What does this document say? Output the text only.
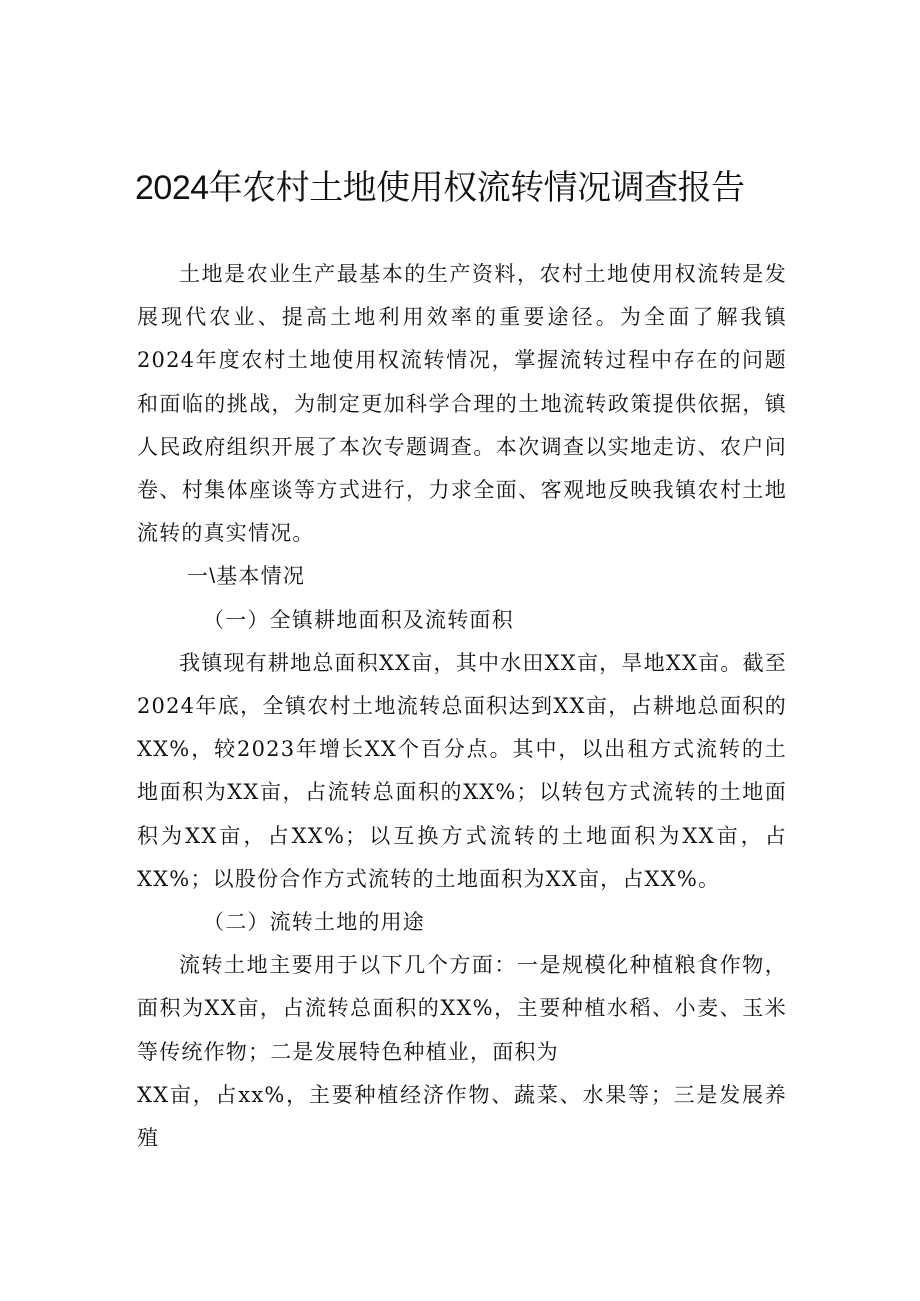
2024年农村土地使用权流转情况调查报告

土地是农业生产最基本的生产资料，农村土地使用权流转是发展现代农业、提高土地利用效率的重要途径。为全面了解我镇2024年度农村土地使用权流转情况，掌握流转过程中存在的问题和面临的挑战，为制定更加科学合理的土地流转政策提供依据，镇人民政府组织开展了本次专题调查。本次调查以实地走访、农户问卷、村集体座谈等方式进行，力求全面、客观地反映我镇农村土地流转的真实情况。

一\基本情况

（一）全镇耕地面积及流转面积

我镇现有耕地总面积XX亩，其中水田XX亩，旱地XX亩。截至2024年底，全镇农村土地流转总面积达到XX亩，占耕地总面积的XX%，较2023年增长XX个百分点。其中，以出租方式流转的土地面积为XX亩，占流转总面积的XX%；以转包方式流转的土地面积为XX亩，占XX%；以互换方式流转的土地面积为XX亩，占XX%；以股份合作方式流转的土地面积为XX亩，占XX%。

（二）流转土地的用途

流转土地主要用于以下几个方面：一是规模化种植粮食作物，面积为XX亩，占流转总面积的XX%，主要种植水稻、小麦、玉米等传统作物；二是发展特色种植业，面积为

XX亩，占xx%，主要种植经济作物、蔬菜、水果等；三是发展养殖
